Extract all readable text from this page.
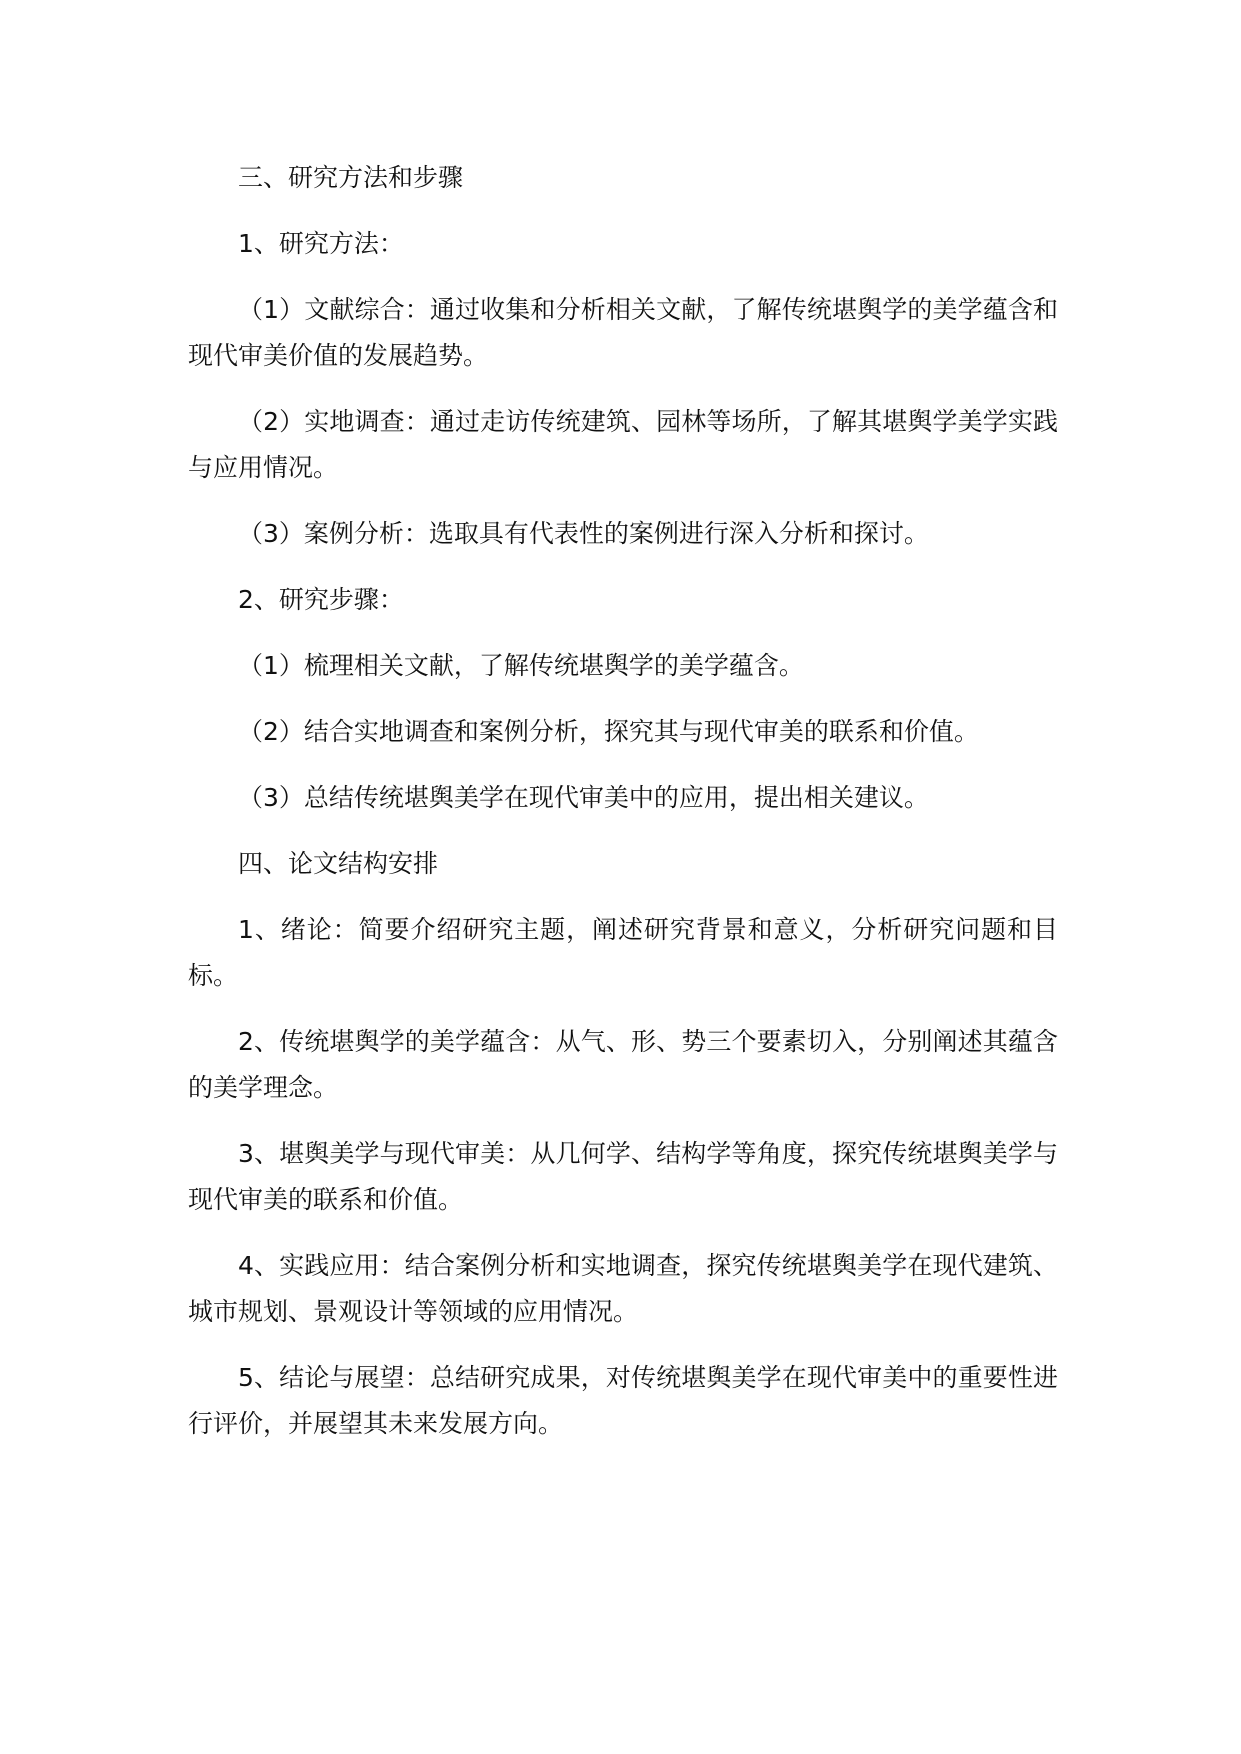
三、研究方法和步骤

1、研究方法：

（1）文献综合：通过收集和分析相关文献，了解传统堪舆学的美学蕴含和现代审美价值的发展趋势。

（2）实地调查：通过走访传统建筑、园林等场所，了解其堪舆学美学实践与应用情况。

（3）案例分析：选取具有代表性的案例进行深入分析和探讨。

2、研究步骤：

（1）梳理相关文献，了解传统堪舆学的美学蕴含。

（2）结合实地调查和案例分析，探究其与现代审美的联系和价值。

（3）总结传统堪舆美学在现代审美中的应用，提出相关建议。

四、论文结构安排

1、绪论：简要介绍研究主题，阐述研究背景和意义，分析研究问题和目标。

2、传统堪舆学的美学蕴含：从气、形、势三个要素切入，分别阐述其蕴含的美学理念。

3、堪舆美学与现代审美：从几何学、结构学等角度，探究传统堪舆美学与现代审美的联系和价值。

4、实践应用：结合案例分析和实地调查，探究传统堪舆美学在现代建筑、城市规划、景观设计等领域的应用情况。

5、结论与展望：总结研究成果，对传统堪舆美学在现代审美中的重要性进行评价，并展望其未来发展方向。
